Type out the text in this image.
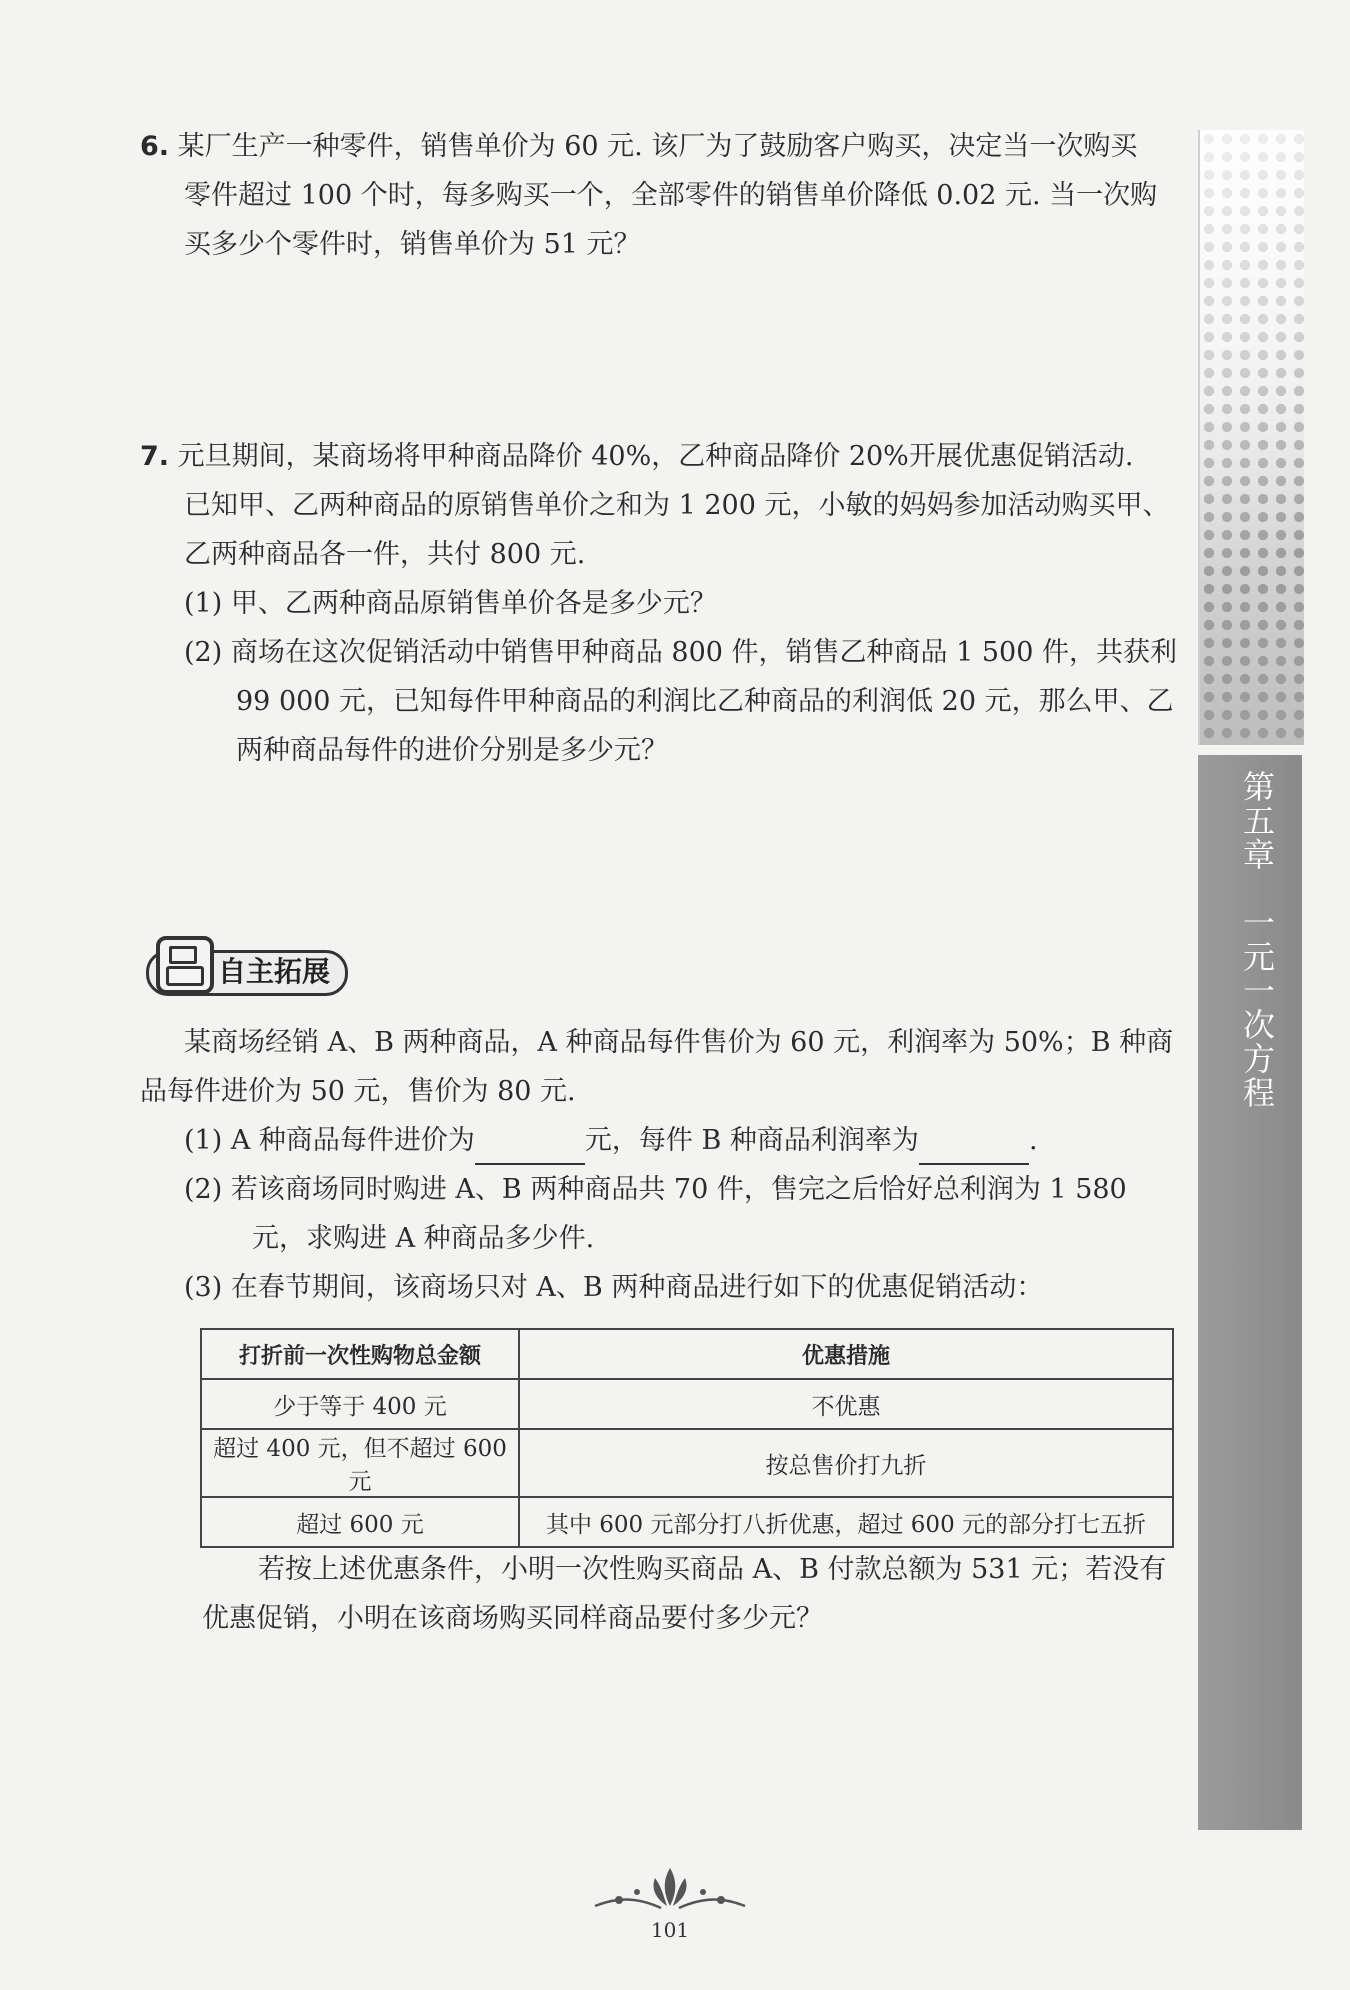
第五章　一元一次方程
6. 某厂生产一种零件，销售单价为 60 元. 该厂为了鼓励客户购买，决定当一次购买
零件超过 100 个时，每多购买一个，全部零件的销售单价降低 0.02 元. 当一次购
买多少个零件时，销售单价为 51 元？
7. 元旦期间，某商场将甲种商品降价 40%，乙种商品降价 20%开展优惠促销活动.
已知甲、乙两种商品的原销售单价之和为 1 200 元，小敏的妈妈参加活动购买甲、
乙两种商品各一件，共付 800 元.
(1) 甲、乙两种商品原销售单价各是多少元？
(2) 商场在这次促销活动中销售甲种商品 800 件，销售乙种商品 1 500 件，共获利
99 000 元，已知每件甲种商品的利润比乙种商品的利润低 20 元，那么甲、乙
两种商品每件的进价分别是多少元？
自主拓展
某商场经销 A、B 两种商品，A 种商品每件售价为 60 元，利润率为 50%；B 种商
品每件进价为 50 元，售价为 80 元.
(1) A 种商品每件进价为	元，每件 B 种商品利润率为	.
(2) 若该商场同时购进 A、B 两种商品共 70 件，售完之后恰好总利润为 1 580
元，求购进 A 种商品多少件.
(3) 在春节期间，该商场只对 A、B 两种商品进行如下的优惠促销活动：
打折前一次性购物总金额	优惠措施
少于等于 400 元	不优惠
超过 400 元，但不超过 600 元	按总售价打九折
超过 600 元	其中 600 元部分打八折优惠，超过 600 元的部分打七五折
若按上述优惠条件，小明一次性购买商品 A、B 付款总额为 531 元；若没有
优惠促销，小明在该商场购买同样商品要付多少元？
101
